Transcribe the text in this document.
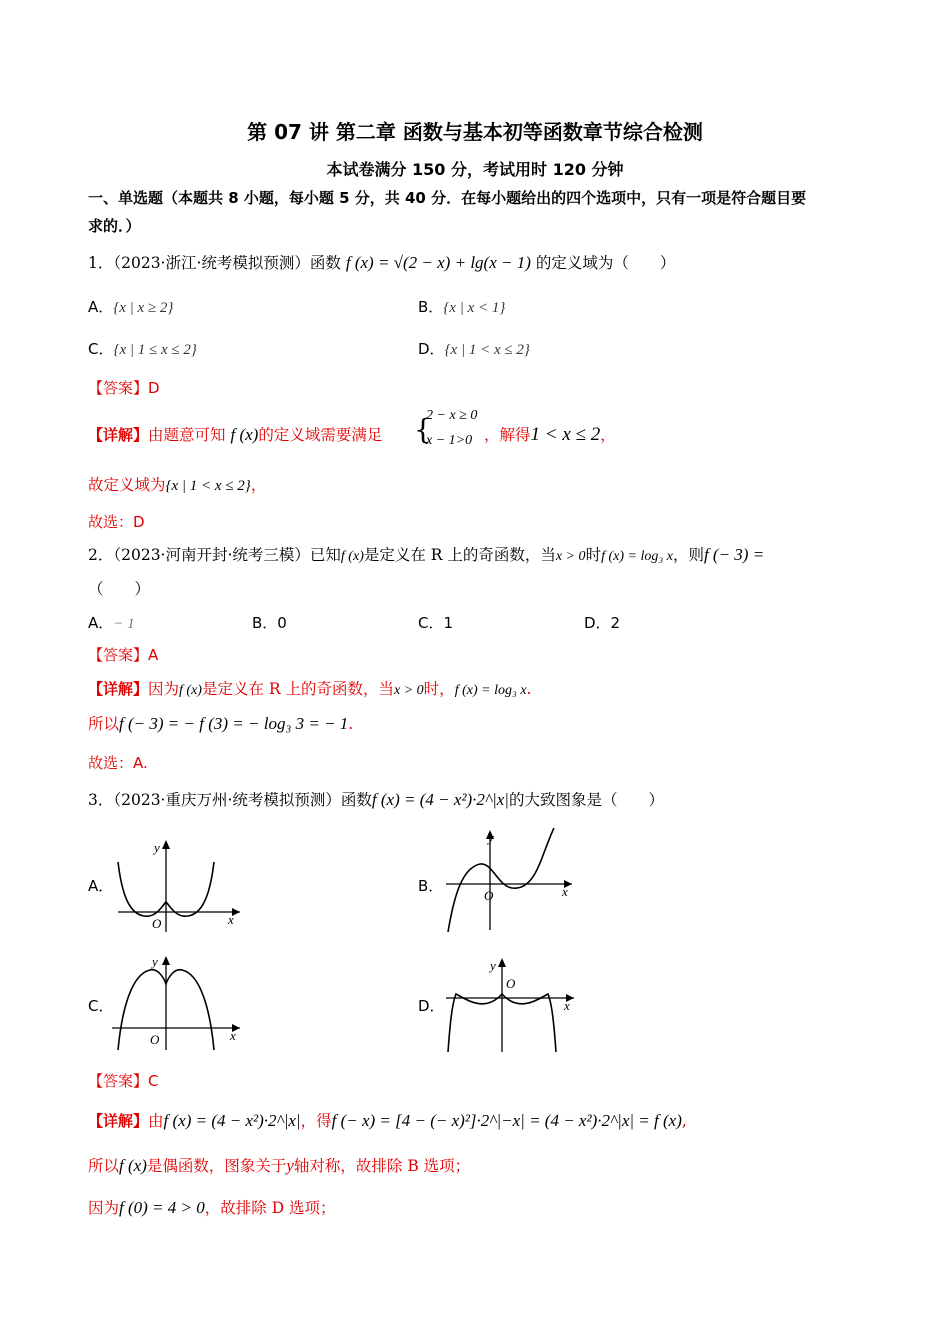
第 07 讲 第二章 函数与基本初等函数章节综合检测
本试卷满分 150 分，考试用时 120 分钟
一、单选题（本题共 8 小题，每小题 5 分，共 40 分．在每小题给出的四个选项中，只有一项是符合题目要
求的．）
1．（2023·浙江·统考模拟预测）函数 f (x) = √(2 − x) + lg(x − 1) 的定义域为（　　）
A．{x | x ≥ 2}	B．{x | x < 1}
C．{x | 1 ≤ x ≤ 2}	D．{x | 1 < x ≤ 2}
【答案】D
【详解】由题意可知 f (x)的定义域需要满足 {
2 − x ≥ 0
x − 1>0 ，解得1 < x ≤ 2，
故定义域为{x | 1 < x ≤ 2}，
故选：D
2．（2023·河南开封·统考三模）已知f (x)是定义在 R 上的奇函数，当x > 0时f (x) = log₃ x，则f (− 3) =
（　　）
A．− 1	B．0	C．1	D．2
【答案】A
【详解】因为f (x)是定义在 R 上的奇函数，当x > 0时，f (x) = log₃ x.
所以f (− 3) = − f (3) = − log₃ 3 = − 1.
故选：A.
3．（2023·重庆万州·统考模拟预测）函数f (x) = (4 − x²)·2^|x|的大致图象是（　　）
A．	B．
C．	D．
x
y
O
x
y
O
x
y
O
x
y
O
【答案】C
【详解】由f (x) = (4 − x²)·2^|x|，得f (− x) = [4 − (− x)²]·2^|−x| = (4 − x²)·2^|x| = f (x),
所以f (x)是偶函数，图象关于y轴对称，故排除 B 选项；
因为f (0) = 4 > 0，故排除 D 选项；
